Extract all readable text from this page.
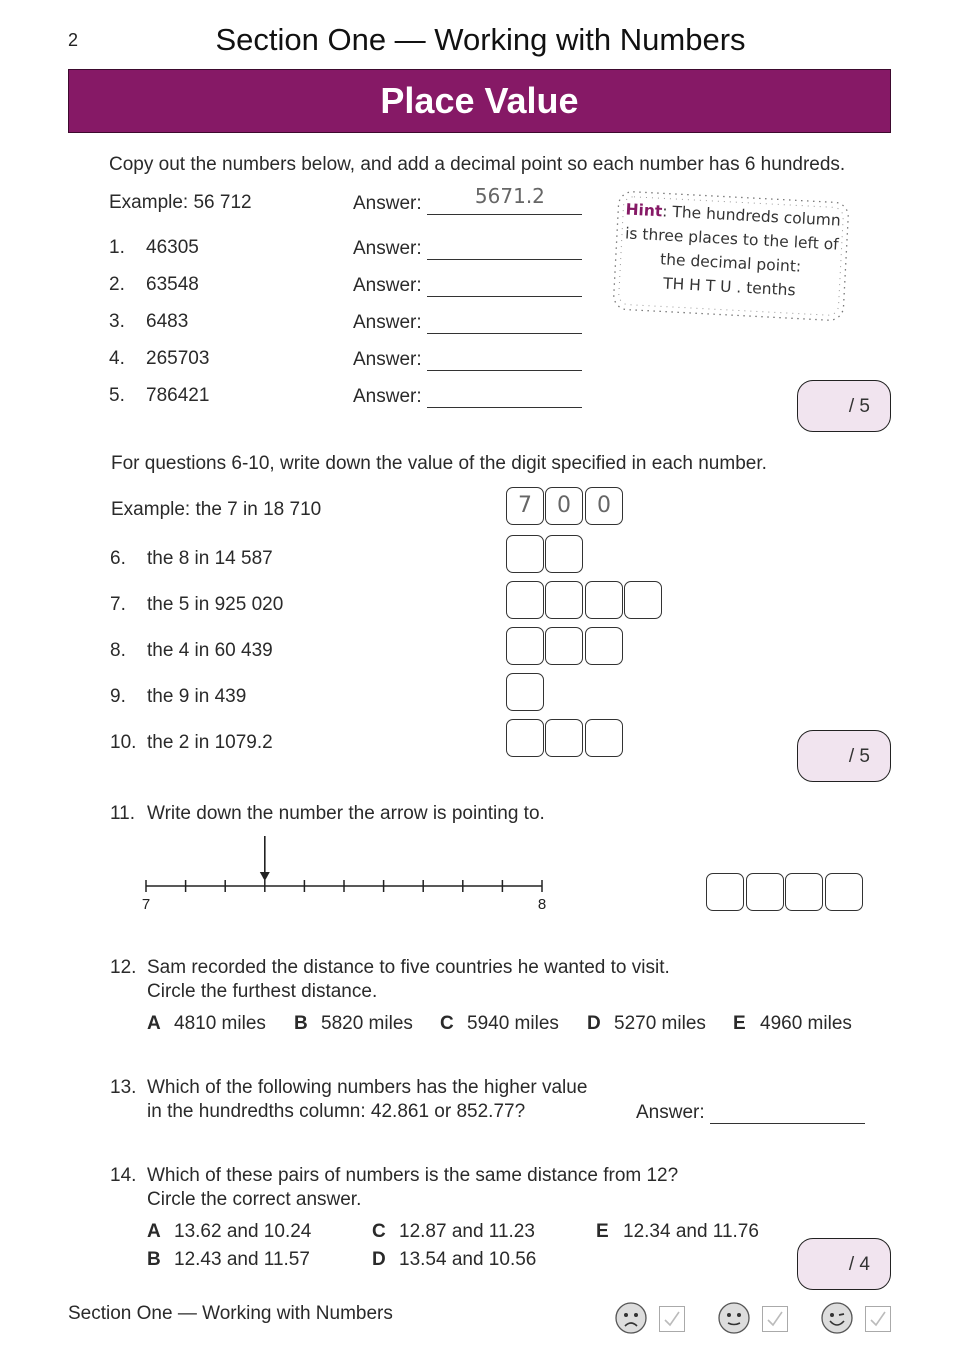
2	Section One — Working with Numbers
Place Value
Copy out the numbers below, and add a decimal point so each number has 6 hundreds.
Example: 56 712	Answer:	5671.2
1. 46305	Answer:
2. 63548	Answer:
3. 6483	Answer:
4. 265703	Answer:
5. 786421	Answer:
Hint: The hundreds column
is three places to the left of
the decimal point:
TH H T U . tenths
/ 5
For questions 6-10, write down the value of the digit specified in each number.
Example: the 7 in 18 710	7	0	0
6. the 8 in 14 587
7. the 5 in 925 020
8. the 4 in 60 439
9. the 9 in 439
10. the 2 in 1079.2
/ 5
11. Write down the number the arrow is pointing to.
7	8
12. Sam recorded the distance to five countries he wanted to visit.
Circle the furthest distance.
A 4810 miles B 5820 miles C 5940 miles D 5270 miles E 4960 miles
13. Which of the following numbers has the higher value
in the hundredths column: 42.861 or 852.77?	Answer:
14. Which of these pairs of numbers is the same distance from 12?
Circle the correct answer.
A 13.62 and 10.24
B 12.43 and 11.57
C 12.87 and 11.23
D 13.54 and 10.56
E 12.34 and 11.76
/ 4
Section One — Working with Numbers
